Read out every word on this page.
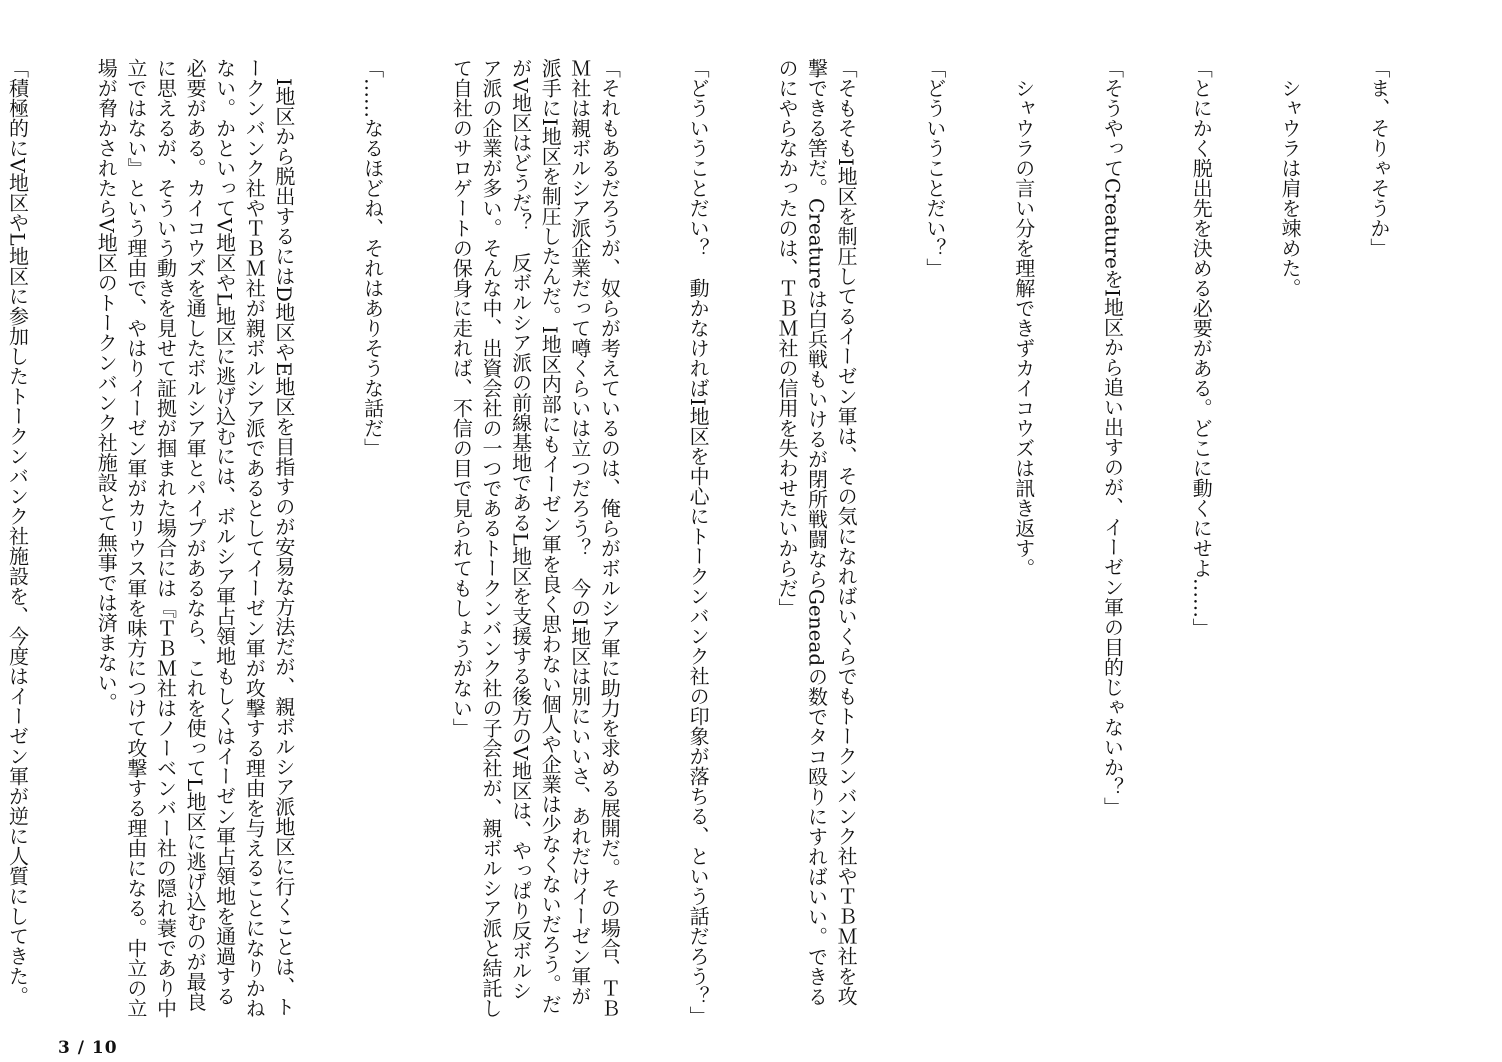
「ま、そりゃそうか」

シャウラは肩を竦めた。

「とにかく脱出先を決める必要がある。どこに動くにせよ……」

「そうやってCreatureをI地区から追い出すのが、イーゼン軍の目的じゃないか？」

シャウラの言い分を理解できずカイコウズは訊き返す。

「どういうことだい？」

「そもそもI地区を制圧してるイーゼン軍は、その気になればいくらでもトークンバンク社やＴＢＭ社を攻撃できる筈だ。Creatureは白兵戦もいけるが閉所戦闘ならGeneadの数でタコ殴りにすればいい。できるのにやらなかったのは、ＴＢＭ社の信用を失わせたいからだ」

「どういうことだい？　動かなければI地区を中心にトークンバンク社の印象が落ちる、という話だろう？」

「それもあるだろうが、奴らが考えているのは、俺らがボルシア軍に助力を求める展開だ。その場合、ＴＢＭ社は親ボルシア派企業だって噂くらいは立つだろう？　今のI地区は別にいいさ、あれだけイーゼン軍が派手にI地区を制圧したんだ。I地区内部にもイーゼン軍を良く思わない個人や企業は少なくないだろう。だがV地区はどうだ？　反ボルシア派の前線基地であるL地区を支援する後方のV地区は、やっぱり反ボルシア派の企業が多い。そんな中、出資会社の一つであるトークンバンク社の子会社が、親ボルシア派と結託して自社のサロゲートの保身に走れば、不信の目で見られてもしょうがない」

「……なるほどね、それはありそうな話だ」

I地区から脱出するにはD地区やE地区を目指すのが安易な方法だが、親ボルシア派地区に行くことは、トークンバンク社やＴＢＭ社が親ボルシア派であるとしてイーゼン軍が攻撃する理由を与えることになりかねない。かといってV地区やL地区に逃げ込むには、ボルシア軍占領地もしくはイーゼン軍占領地を通過する必要がある。カイコウズを通したボルシア軍とパイプがあるなら、これを使ってL地区に逃げ込むのが最良に思えるが、そういう動きを見せて証拠が掴まれた場合には『ＴＢＭ社はノーベンバー社の隠れ蓑であり中立ではない』という理由で、やはりイーゼン軍がカリウス軍を味方につけて攻撃する理由になる。中立の立場が脅かされたらV地区のトークンバンク社施設とて無事では済まない。

「積極的にV地区やL地区に参加したトークンバンク社施設を、今度はイーゼン軍が逆に人質にしてきた。

3 / 10
